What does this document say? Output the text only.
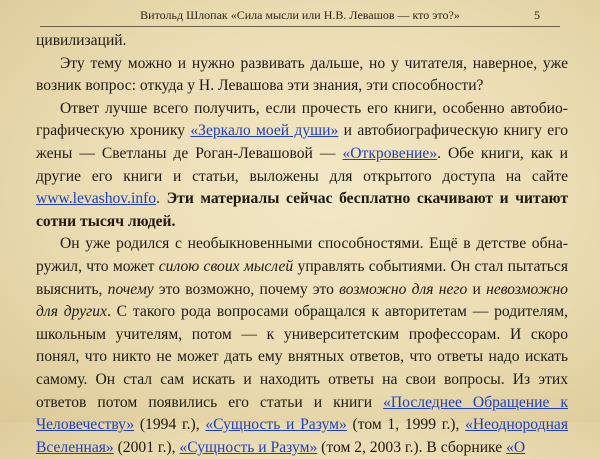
Витольд Шлопак «Сила мысли или Н.В. Левашов — кто это?»	5

цивилизаций.

Эту тему можно и нужно развивать дальше, но у читателя, наверное, уже возник вопрос: откуда у Н. Левашова эти знания, эти способности?

Ответ лучше всего получить, если прочесть его книги, особенно автобиографическую хронику «Зеркало моей души» и автобиографическую книгу его жены — Светланы де Роган-Левашовой — «Откровение». Обе книги, как и другие его книги и статьи, выложены для открытого доступа на сайте www.levashov.info. Эти материалы сейчас бесплатно скачивают и читают сотни тысяч людей.

Он уже родился с необыкновенными способностями. Ещё в детстве обнаружил, что может силою своих мыслей управлять событиями. Он стал пытаться выяснить, почему это возможно, почему это возможно для него и невозможно для других. С такого рода вопросами обращался к авторитетам — родителям, школьным учителям, потом — к университетским профессорам. И скоро понял, что никто не может дать ему внятных ответов, что ответы надо искать самому. Он стал сам искать и находить ответы на свои вопросы. Из этих ответов потом появились его статьи и книги «Последнее Обращение к Человечеству» (1994 г.), «Сущность и Разум» (том 1, 1999 г.), «Неоднородная Вселенная» (2001 г.), «Сущность и Разум» (том 2, 2003 г.). В сборнике «О
